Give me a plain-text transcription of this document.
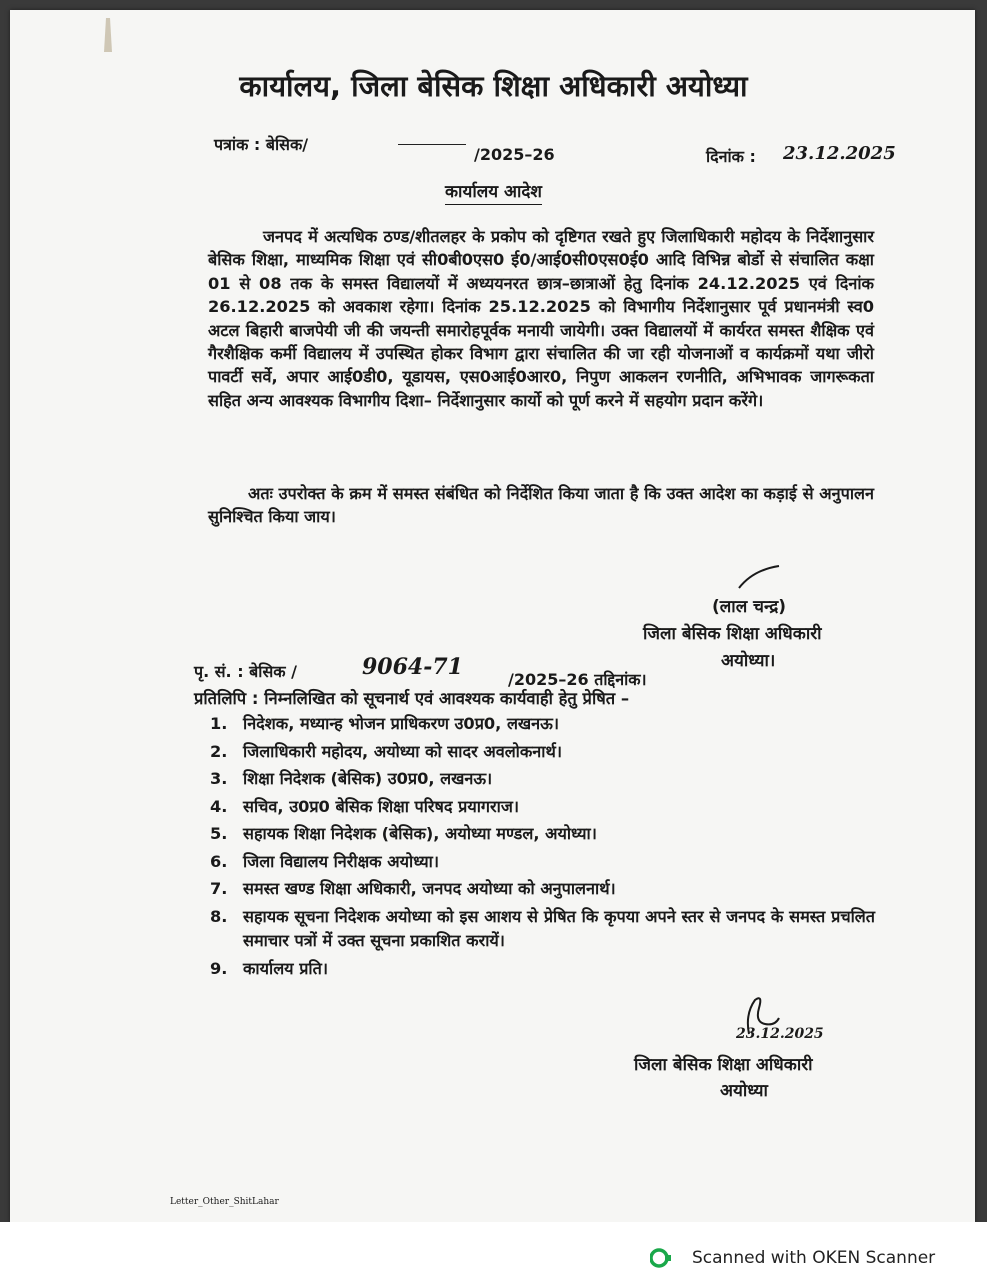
कार्यालय, जिला बेसिक शिक्षा अधिकारी अयोध्या
पत्रांक : बेसिक/
/2025–26	दिनांक : 23.12.2025
कार्यालय आदेश
जनपद में अत्यधिक ठण्ड/शीतलहर के प्रकोप को दृष्टिगत रखते हुए जिलाधिकारी महोदय के निर्देशानुसार बेसिक शिक्षा, माध्यमिक शिक्षा एवं सी0बी0एस0 ई0/आई0सी0एस0ई0 आदि विभिन्न बोर्डो से संचालित कक्षा 01 से 08 तक के समस्त विद्यालयों में अध्ययनरत छात्र–छात्राओं हेतु दिनांक 24.12.2025 एवं दिनांक 26.12.2025 को अवकाश रहेगा। दिनांक 25.12.2025 को विभागीय निर्देशानुसार पूर्व प्रधानमंत्री स्व0 अटल बिहारी बाजपेयी जी की जयन्ती समारोहपूर्वक मनायी जायेगी। उक्त विद्यालयों में कार्यरत समस्त शैक्षिक एवं गैरशैक्षिक कर्मी विद्यालय में उपस्थित होकर विभाग द्वारा संचालित की जा रही योजनाओं व कार्यक्रमों यथा जीरो पावर्टी सर्वे, अपार आई0डी0, यूडायस, एस0आई0आर0, निपुण आकलन रणनीति, अभिभावक जागरूकता सहित अन्य आवश्यक विभागीय दिशा– निर्देशानुसार कार्यो को पूर्ण करने में सहयोग प्रदान करेंगे।
अतः उपरोक्त के क्रम में समस्त संबंधित को निर्देशित किया जाता है कि उक्त आदेश का कड़ाई से अनुपालन सुनिश्चित किया जाय।
(लाल चन्द्र)
जिला बेसिक शिक्षा अधिकारी
अयोध्या।
पृ. सं. : बेसिक /	9064-71	/2025–26 तद्दिनांक।
प्रतिलिपि : निम्नलिखित को सूचनार्थ एवं आवश्यक कार्यवाही हेतु प्रेषित –
1. निदेशक, मध्यान्ह भोजन प्राधिकरण उ0प्र0, लखनऊ।
2. जिलाधिकारी महोदय, अयोध्या को सादर अवलोकनार्थ।
3. शिक्षा निदेशक (बेसिक) उ0प्र0, लखनऊ।
4. सचिव, उ0प्र0 बेसिक शिक्षा परिषद प्रयागराज।
5. सहायक शिक्षा निदेशक (बेसिक), अयोध्या मण्डल, अयोध्या।
6. जिला विद्यालय निरीक्षक अयोध्या।
7. समस्त खण्ड शिक्षा अधिकारी, जनपद अयोध्या को अनुपालनार्थ।
8. सहायक सूचना निदेशक अयोध्या को इस आशय से प्रेषित कि कृपया अपने स्तर से जनपद के समस्त प्रचलित समाचार पत्रों में उक्त सूचना प्रकाशित करायें।
9. कार्यालय प्रति।
23.12.2025
जिला बेसिक शिक्षा अधिकारी
अयोध्या
Letter_Other_ShitLahar
Scanned with OKEN Scanner
